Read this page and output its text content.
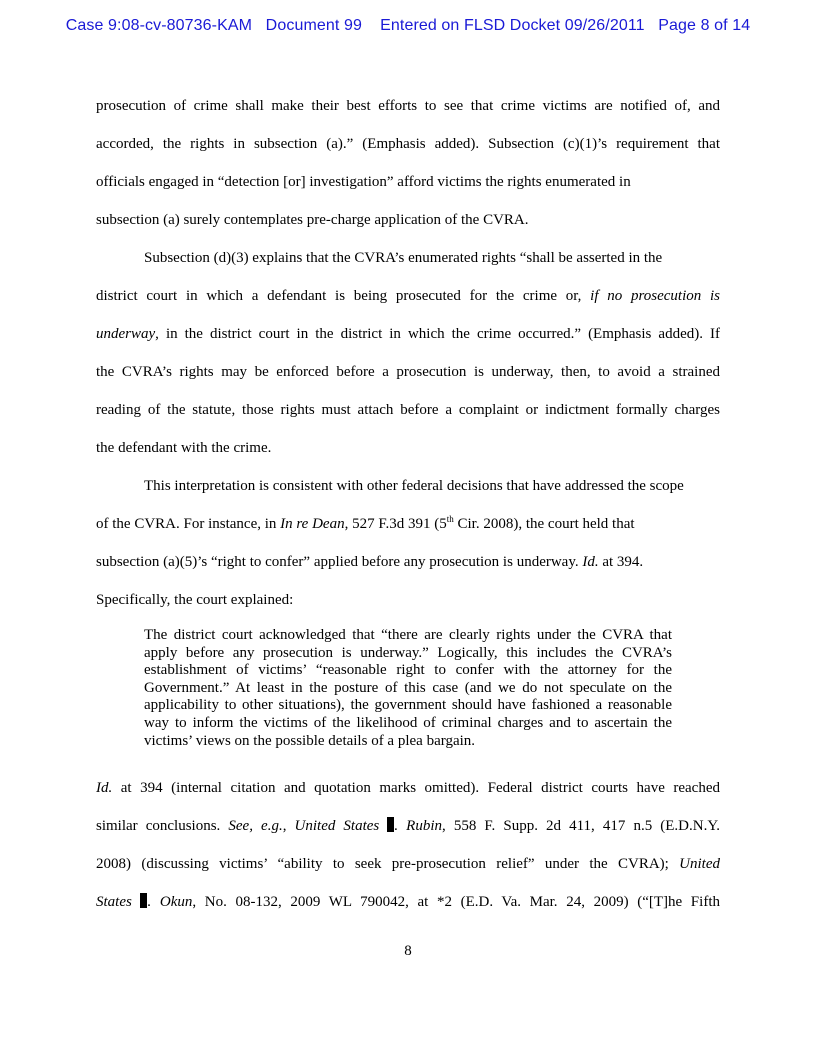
Case 9:08-cv-80736-KAM   Document 99    Entered on FLSD Docket 09/26/2011   Page 8 of 14
prosecution of crime shall make their best efforts to see that crime victims are notified of, and
accorded, the rights in subsection (a).” (Emphasis added). Subsection (c)(1)’s requirement that
officials engaged in “detection [or] investigation” afford victims the rights enumerated in
subsection (a) surely contemplates pre-charge application of the CVRA.
Subsection (d)(3) explains that the CVRA’s enumerated rights “shall be asserted in the
district court in which a defendant is being prosecuted for the crime or, if no prosecution is
underway, in the district court in the district in which the crime occurred.” (Emphasis added). If
the CVRA’s rights may be enforced before a prosecution is underway, then, to avoid a strained
reading of the statute, those rights must attach before a complaint or indictment formally charges
the defendant with the crime.
This interpretation is consistent with other federal decisions that have addressed the scope
of the CVRA. For instance, in In re Dean, 527 F.3d 391 (5th Cir. 2008), the court held that
subsection (a)(5)’s “right to confer” applied before any prosecution is underway. Id. at 394.
Specifically, the court explained:
The district court acknowledged that “there are clearly rights under the CVRA that apply before any prosecution is underway.” Logically, this includes the CVRA’s establishment of victims’ “reasonable right to confer with the attorney for the Government.” At least in the posture of this case (and we do not speculate on the applicability to other situations), the government should have fashioned a reasonable way to inform the victims of the likelihood of criminal charges and to ascertain the victims’ views on the possible details of a plea bargain.
Id. at 394 (internal citation and quotation marks omitted). Federal district courts have reached
similar conclusions. See, e.g., United States . Rubin, 558 F. Supp. 2d 411, 417 n.5 (E.D.N.Y.
2008) (discussing victims’ “ability to seek pre-prosecution relief” under the CVRA); United
States . Okun, No. 08-132, 2009 WL 790042, at *2 (E.D. Va. Mar. 24, 2009) (“[T]he Fifth
8
